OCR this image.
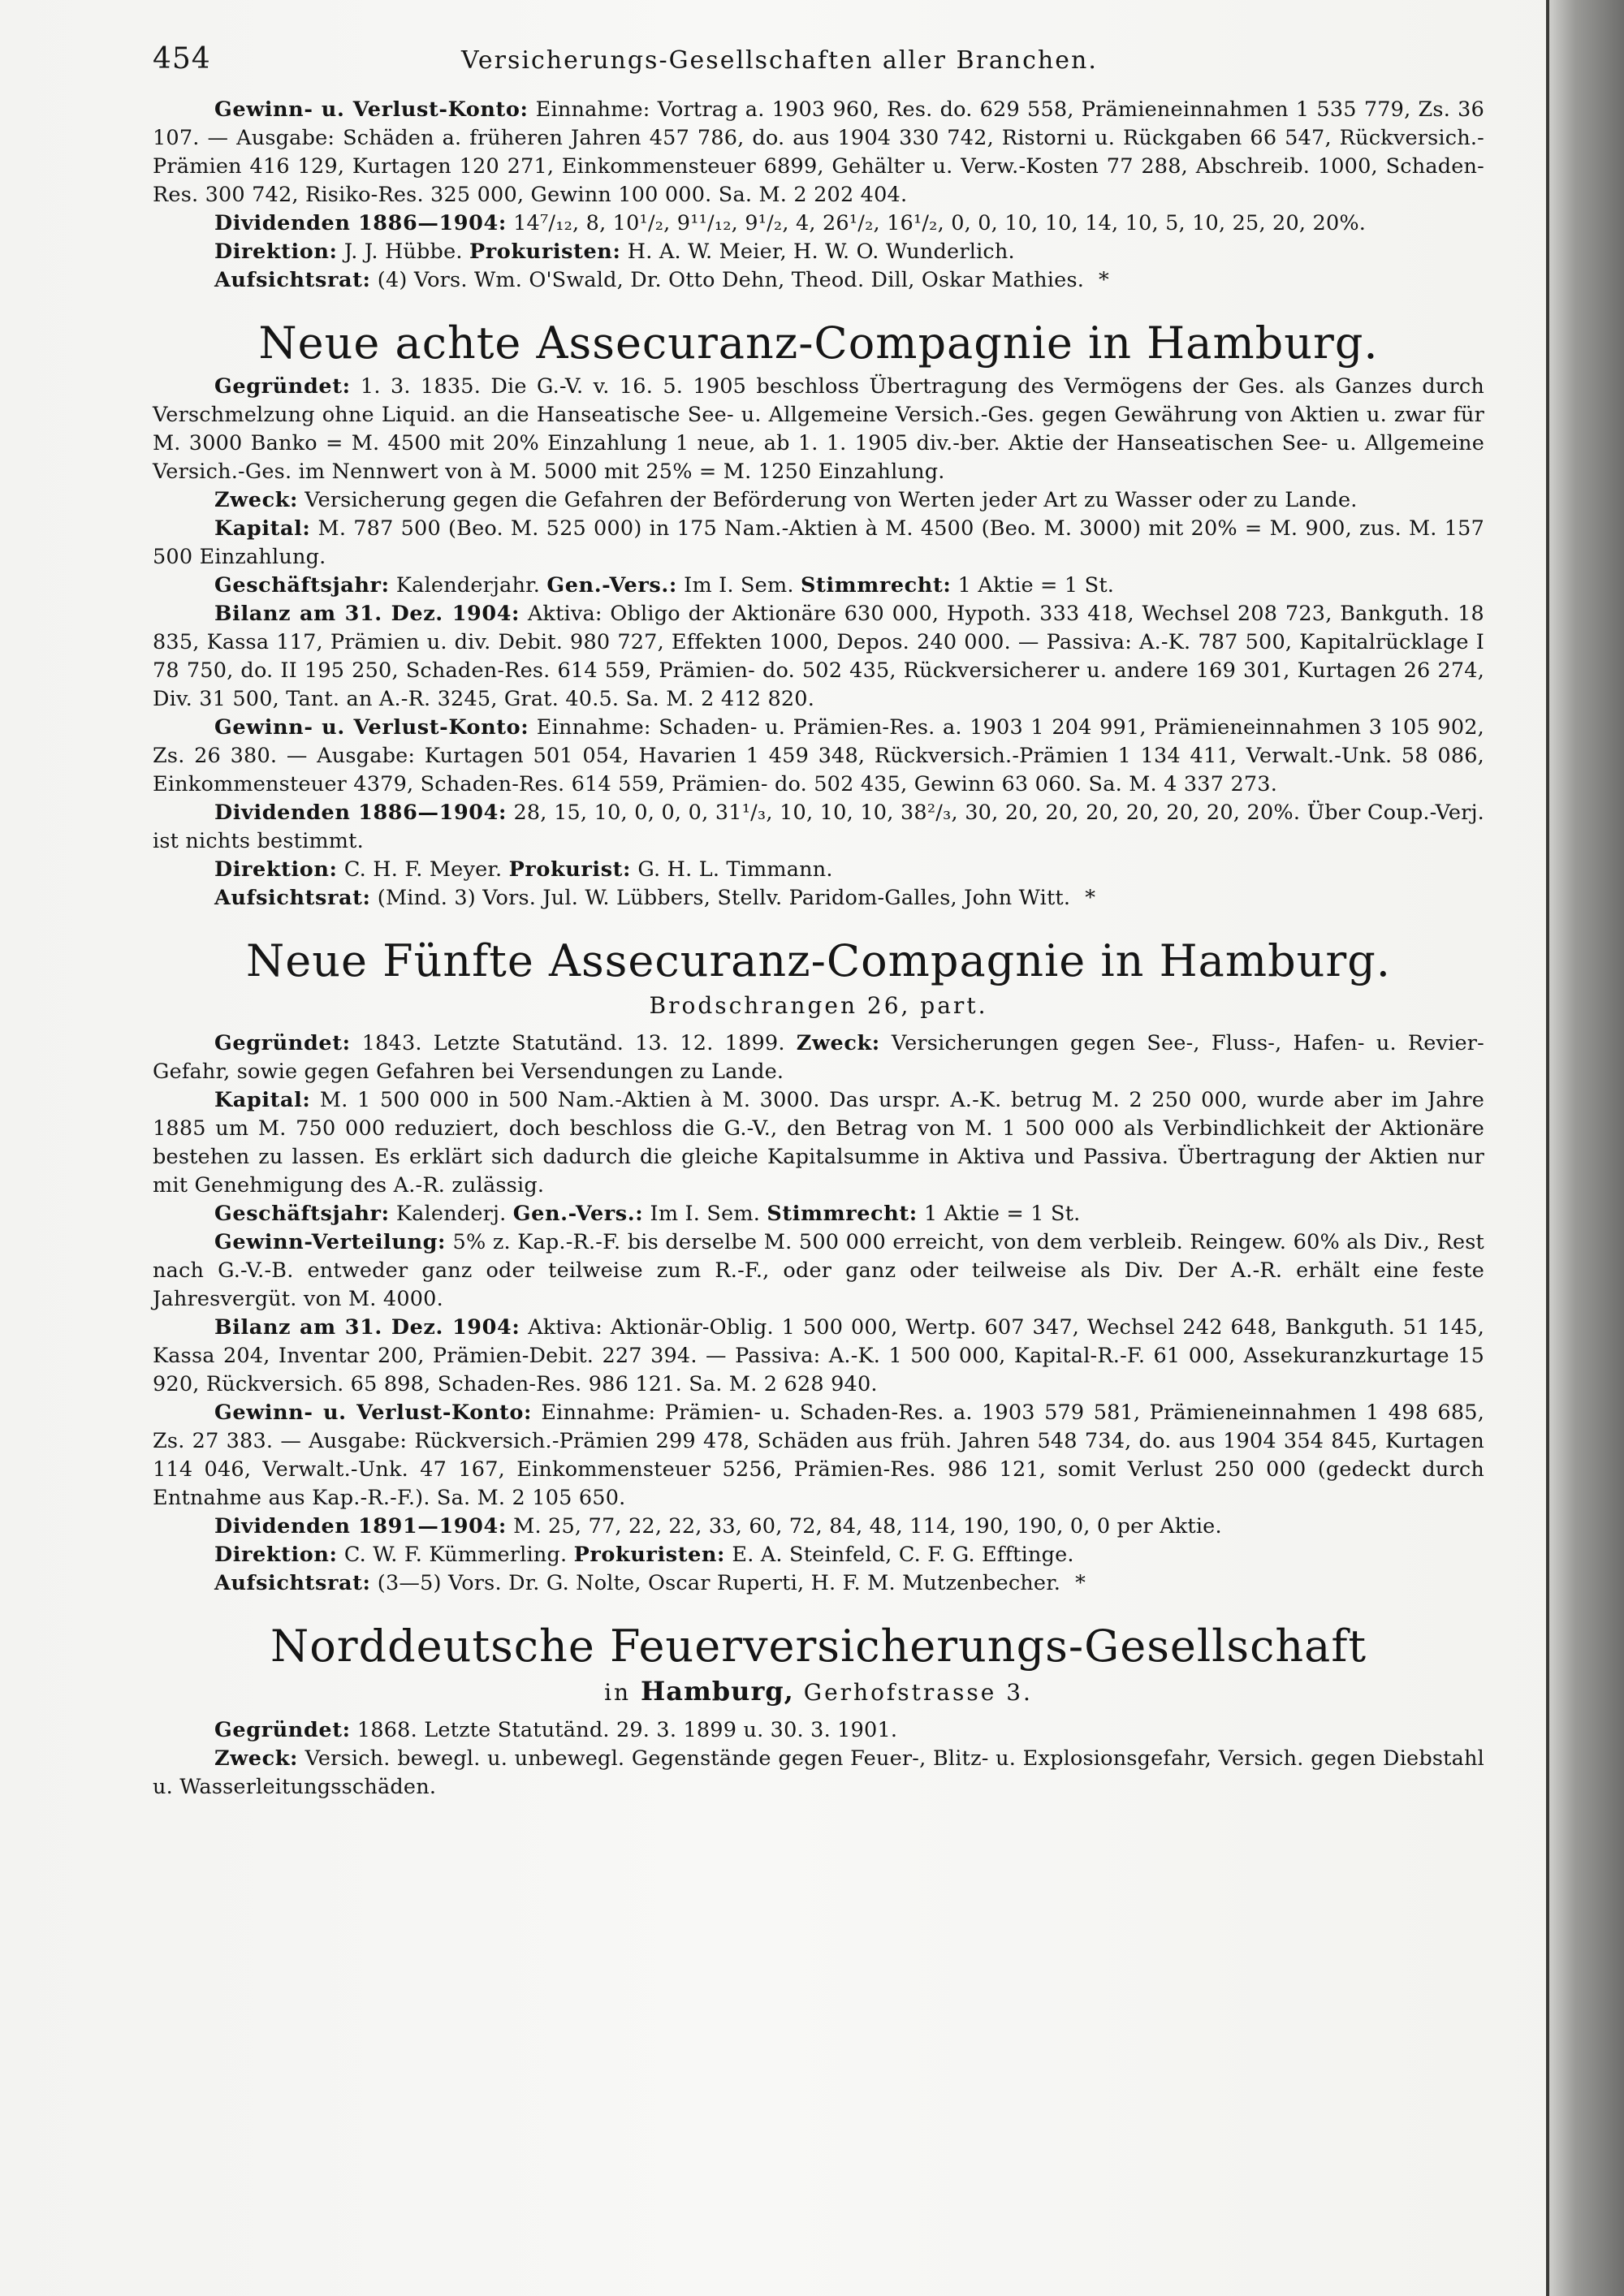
454	Versicherungs-Gesellschaften aller Branchen.

Gewinn- u. Verlust-Konto: Einnahme: Vortrag a. 1903 960, Res. do. 629 558, Prämieneinnahmen 1 535 779, Zs. 36 107. — Ausgabe: Schäden a. früheren Jahren 457 786, do. aus 1904 330 742, Ristorni u. Rückgaben 66 547, Rückversich.-Prämien 416 129, Kurtagen 120 271, Einkommensteuer 6899, Gehälter u. Verw.-Kosten 77 288, Abschreib. 1000, Schaden-Res. 300 742, Risiko-Res. 325 000, Gewinn 100 000. Sa. M. 2 202 404.

Dividenden 1886—1904: 14⁷/₁₂, 8, 10¹/₂, 9¹¹/₁₂, 9¹/₂, 4, 26¹/₂, 16¹/₂, 0, 0, 10, 10, 14, 10, 5, 10, 25, 20, 20%.

Direktion: J. J. Hübbe. Prokuristen: H. A. W. Meier, H. W. O. Wunderlich.

Aufsichtsrat: (4) Vors. Wm. O'Swald, Dr. Otto Dehn, Theod. Dill, Oskar Mathies. *

Neue achte Assecuranz-Compagnie in Hamburg.

Gegründet: 1. 3. 1835. Die G.-V. v. 16. 5. 1905 beschloss Übertragung des Vermögens der Ges. als Ganzes durch Verschmelzung ohne Liquid. an die Hanseatische See- u. Allgemeine Versich.-Ges. gegen Gewährung von Aktien u. zwar für M. 3000 Banko = M. 4500 mit 20% Einzahlung 1 neue, ab 1. 1. 1905 div.-ber. Aktie der Hanseatischen See- u. Allgemeine Versich.-Ges. im Nennwert von à M. 5000 mit 25% = M. 1250 Einzahlung.

Zweck: Versicherung gegen die Gefahren der Beförderung von Werten jeder Art zu Wasser oder zu Lande.

Kapital: M. 787 500 (Beo. M. 525 000) in 175 Nam.-Aktien à M. 4500 (Beo. M. 3000) mit 20% = M. 900, zus. M. 157 500 Einzahlung.

Geschäftsjahr: Kalenderjahr. Gen.-Vers.: Im I. Sem. Stimmrecht: 1 Aktie = 1 St.

Bilanz am 31. Dez. 1904: Aktiva: Obligo der Aktionäre 630 000, Hypoth. 333 418, Wechsel 208 723, Bankguth. 18 835, Kassa 117, Prämien u. div. Debit. 980 727, Effekten 1000, Depos. 240 000. — Passiva: A.-K. 787 500, Kapitalrücklage I 78 750, do. II 195 250, Schaden-Res. 614 559, Prämien- do. 502 435, Rückversicherer u. andere 169 301, Kurtagen 26 274, Div. 31 500, Tant. an A.-R. 3245, Grat. 40.5. Sa. M. 2 412 820.

Gewinn- u. Verlust-Konto: Einnahme: Schaden- u. Prämien-Res. a. 1903 1 204 991, Prämieneinnahmen 3 105 902, Zs. 26 380. — Ausgabe: Kurtagen 501 054, Havarien 1 459 348, Rückversich.-Prämien 1 134 411, Verwalt.-Unk. 58 086, Einkommensteuer 4379, Schaden-Res. 614 559, Prämien- do. 502 435, Gewinn 63 060. Sa. M. 4 337 273.

Dividenden 1886—1904: 28, 15, 10, 0, 0, 0, 31¹/₃, 10, 10, 10, 38²/₃, 30, 20, 20, 20, 20, 20, 20, 20%. Über Coup.-Verj. ist nichts bestimmt.

Direktion: C. H. F. Meyer. Prokurist: G. H. L. Timmann.

Aufsichtsrat: (Mind. 3) Vors. Jul. W. Lübbers, Stellv. Paridom-Galles, John Witt. *

Neue Fünfte Assecuranz-Compagnie in Hamburg.
Brodschrangen 26, part.

Gegründet: 1843. Letzte Statutänd. 13. 12. 1899. Zweck: Versicherungen gegen See-, Fluss-, Hafen- u. Revier-Gefahr, sowie gegen Gefahren bei Versendungen zu Lande.

Kapital: M. 1 500 000 in 500 Nam.-Aktien à M. 3000. Das urspr. A.-K. betrug M. 2 250 000, wurde aber im Jahre 1885 um M. 750 000 reduziert, doch beschloss die G.-V., den Betrag von M. 1 500 000 als Verbindlichkeit der Aktionäre bestehen zu lassen. Es erklärt sich dadurch die gleiche Kapitalsumme in Aktiva und Passiva. Übertragung der Aktien nur mit Genehmigung des A.-R. zulässig.

Geschäftsjahr: Kalenderj. Gen.-Vers.: Im I. Sem. Stimmrecht: 1 Aktie = 1 St.

Gewinn-Verteilung: 5% z. Kap.-R.-F. bis derselbe M. 500 000 erreicht, von dem verbleib. Reingew. 60% als Div., Rest nach G.-V.-B. entweder ganz oder teilweise zum R.-F., oder ganz oder teilweise als Div. Der A.-R. erhält eine feste Jahresvergüt. von M. 4000.

Bilanz am 31. Dez. 1904: Aktiva: Aktionär-Oblig. 1 500 000, Wertp. 607 347, Wechsel 242 648, Bankguth. 51 145, Kassa 204, Inventar 200, Prämien-Debit. 227 394. — Passiva: A.-K. 1 500 000, Kapital-R.-F. 61 000, Assekuranzkurtage 15 920, Rückversich. 65 898, Schaden-Res. 986 121. Sa. M. 2 628 940.

Gewinn- u. Verlust-Konto: Einnahme: Prämien- u. Schaden-Res. a. 1903 579 581, Prämieneinnahmen 1 498 685, Zs. 27 383. — Ausgabe: Rückversich.-Prämien 299 478, Schäden aus früh. Jahren 548 734, do. aus 1904 354 845, Kurtagen 114 046, Verwalt.-Unk. 47 167, Einkommensteuer 5256, Prämien-Res. 986 121, somit Verlust 250 000 (gedeckt durch Entnahme aus Kap.-R.-F.). Sa. M. 2 105 650.

Dividenden 1891—1904: M. 25, 77, 22, 22, 33, 60, 72, 84, 48, 114, 190, 190, 0, 0 per Aktie.

Direktion: C. W. F. Kümmerling. Prokuristen: E. A. Steinfeld, C. F. G. Efftinge.

Aufsichtsrat: (3—5) Vors. Dr. G. Nolte, Oscar Ruperti, H. F. M. Mutzenbecher. *

Norddeutsche Feuerversicherungs-Gesellschaft
in Hamburg, Gerhofstrasse 3.

Gegründet: 1868. Letzte Statutänd. 29. 3. 1899 u. 30. 3. 1901.

Zweck: Versich. bewegl. u. unbewegl. Gegenstände gegen Feuer-, Blitz- u. Explosionsgefahr, Versich. gegen Diebstahl u. Wasserleitungsschäden.
